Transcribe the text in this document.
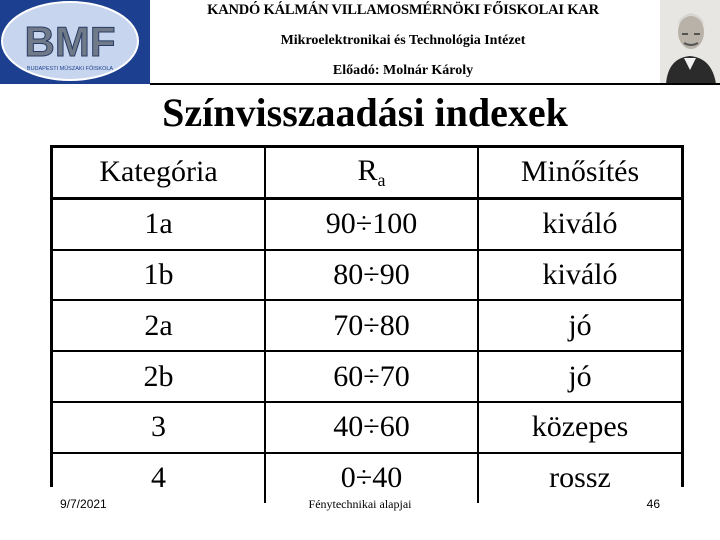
BMF
BUDAPESTI MŰSZAKI FŐISKOLA
KANDÓ KÁLMÁN VILLAMOSMÉRNÖKI FŐISKOLAI KAR
Mikroelektronikai és Technológia Intézet
Előadó: Molnár Károly
Színvisszaadási indexek
Kategória	$R_a$	Minősítés
1a	90÷100	kiváló
1b	80÷90	kiváló
2a	70÷80	jó
2b	60÷70	jó
3	40÷60	közepes
4	0÷40	rossz
9/7/2021	Fénytechnikai alapjai	46
